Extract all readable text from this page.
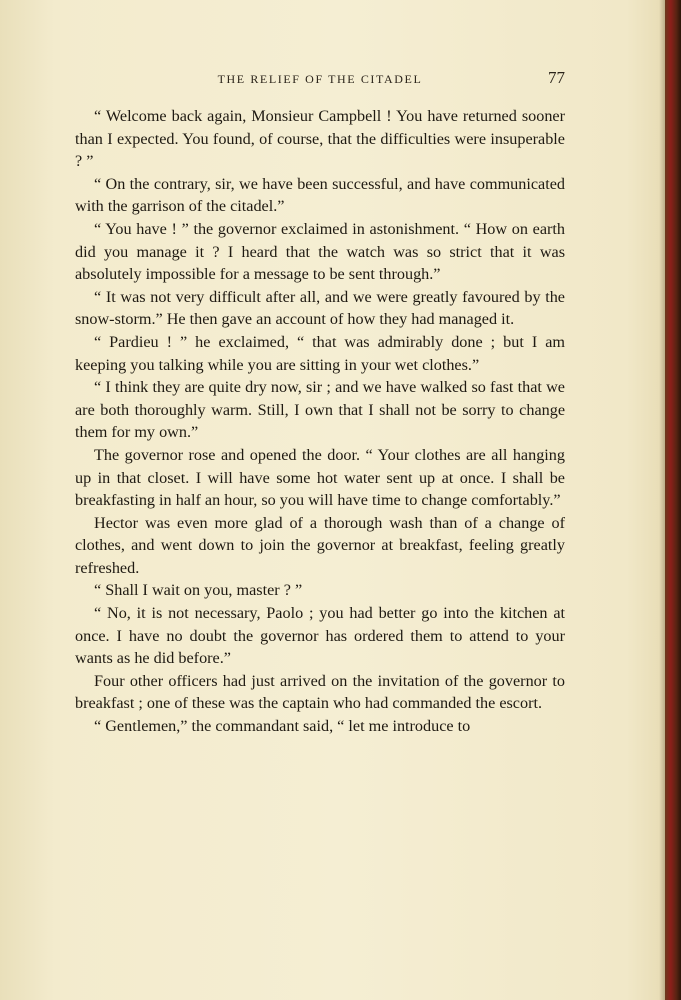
THE RELIEF OF THE CITADEL	77

“ Welcome back again, Monsieur Campbell ! You have returned sooner than I expected. You found, of course, that the difficulties were insuperable ? ”

“ On the contrary, sir, we have been successful, and have communicated with the garrison of the citadel.”

“ You have ! ” the governor exclaimed in astonishment. “ How on earth did you manage it ? I heard that the watch was so strict that it was absolutely impossible for a message to be sent through.”

“ It was not very difficult after all, and we were greatly favoured by the snow-storm.” He then gave an account of how they had managed it.

“ Pardieu ! ” he exclaimed, “ that was admirably done ; but I am keeping you talking while you are sitting in your wet clothes.”

“ I think they are quite dry now, sir ; and we have walked so fast that we are both thoroughly warm. Still, I own that I shall not be sorry to change them for my own.”

The governor rose and opened the door. “ Your clothes are all hanging up in that closet. I will have some hot water sent up at once. I shall be breakfasting in half an hour, so you will have time to change comfortably.”

Hector was even more glad of a thorough wash than of a change of clothes, and went down to join the governor at breakfast, feeling greatly refreshed.

“ Shall I wait on you, master ? ”

“ No, it is not necessary, Paolo ; you had better go into the kitchen at once. I have no doubt the governor has ordered them to attend to your wants as he did before.”

Four other officers had just arrived on the invitation of the governor to breakfast ; one of these was the captain who had commanded the escort.

“ Gentlemen,” the commandant said, “ let me introduce to
